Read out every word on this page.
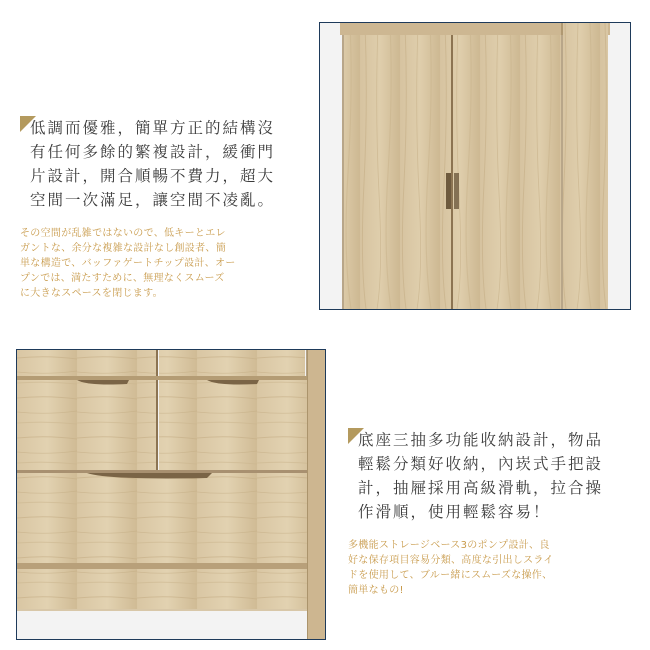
低調而優雅，簡單方正的結構沒
有任何多餘的繁複設計，緩衝門
片設計，開合順暢不費力，超大
空間一次滿足，讓空間不凌亂。
その空間が乱雑ではないので、低キーとエレ
ガントな、余分な複雑な設計なし創設者、簡
単な構造で、バッファゲートチップ設計、オー
プンでは、満たすために、無理なくスムーズ
に大きなスペースを閉じます。
底座三抽多功能收納設計，物品
輕鬆分類好收納，內崁式手把設
計，抽屜採用高級滑軌，拉合操
作滑順，使用輕鬆容易！
多機能ストレージベース3のポンプ設計、良
好な保存項目容易分類、高度な引出しスライ
ドを使用して、ブルー緒にスムーズな操作、
簡単なもの!
